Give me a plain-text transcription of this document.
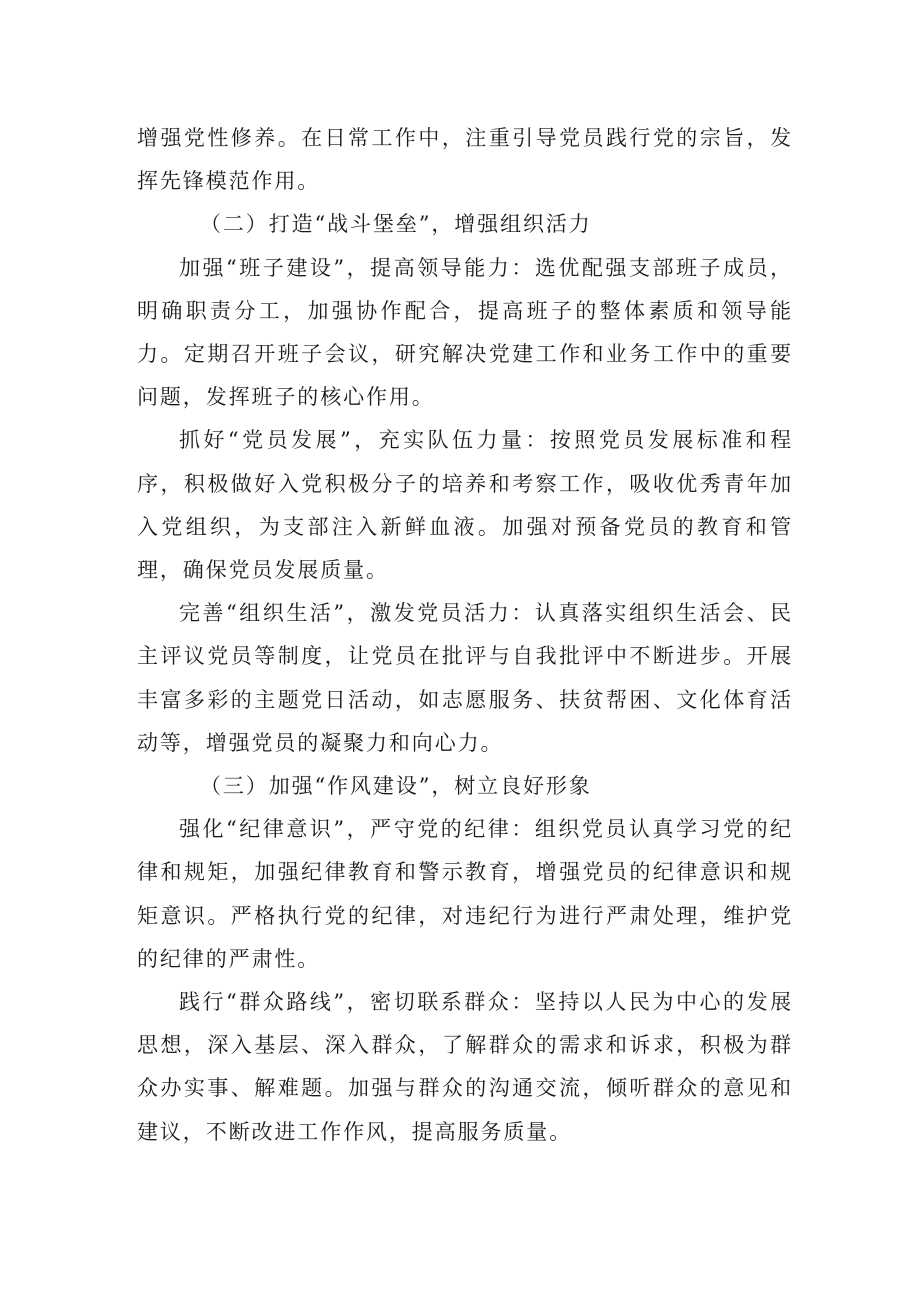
增强党性修养。在日常工作中，注重引导党员践行党的宗旨，发挥先锋模范作用。

（二）打造“战斗堡垒”，增强组织活力

加强“班子建设”，提高领导能力：选优配强支部班子成员，明确职责分工，加强协作配合，提高班子的整体素质和领导能力。定期召开班子会议，研究解决党建工作和业务工作中的重要问题，发挥班子的核心作用。

抓好“党员发展”，充实队伍力量：按照党员发展标准和程序，积极做好入党积极分子的培养和考察工作，吸收优秀青年加入党组织，为支部注入新鲜血液。加强对预备党员的教育和管理，确保党员发展质量。

完善“组织生活”，激发党员活力：认真落实组织生活会、民主评议党员等制度，让党员在批评与自我批评中不断进步。开展丰富多彩的主题党日活动，如志愿服务、扶贫帮困、文化体育活动等，增强党员的凝聚力和向心力。

（三）加强“作风建设”，树立良好形象

强化“纪律意识”，严守党的纪律：组织党员认真学习党的纪律和规矩，加强纪律教育和警示教育，增强党员的纪律意识和规矩意识。严格执行党的纪律，对违纪行为进行严肃处理，维护党的纪律的严肃性。

践行“群众路线”，密切联系群众：坚持以人民为中心的发展思想，深入基层、深入群众，了解群众的需求和诉求，积极为群众办实事、解难题。加强与群众的沟通交流，倾听群众的意见和建议，不断改进工作作风，提高服务质量。
